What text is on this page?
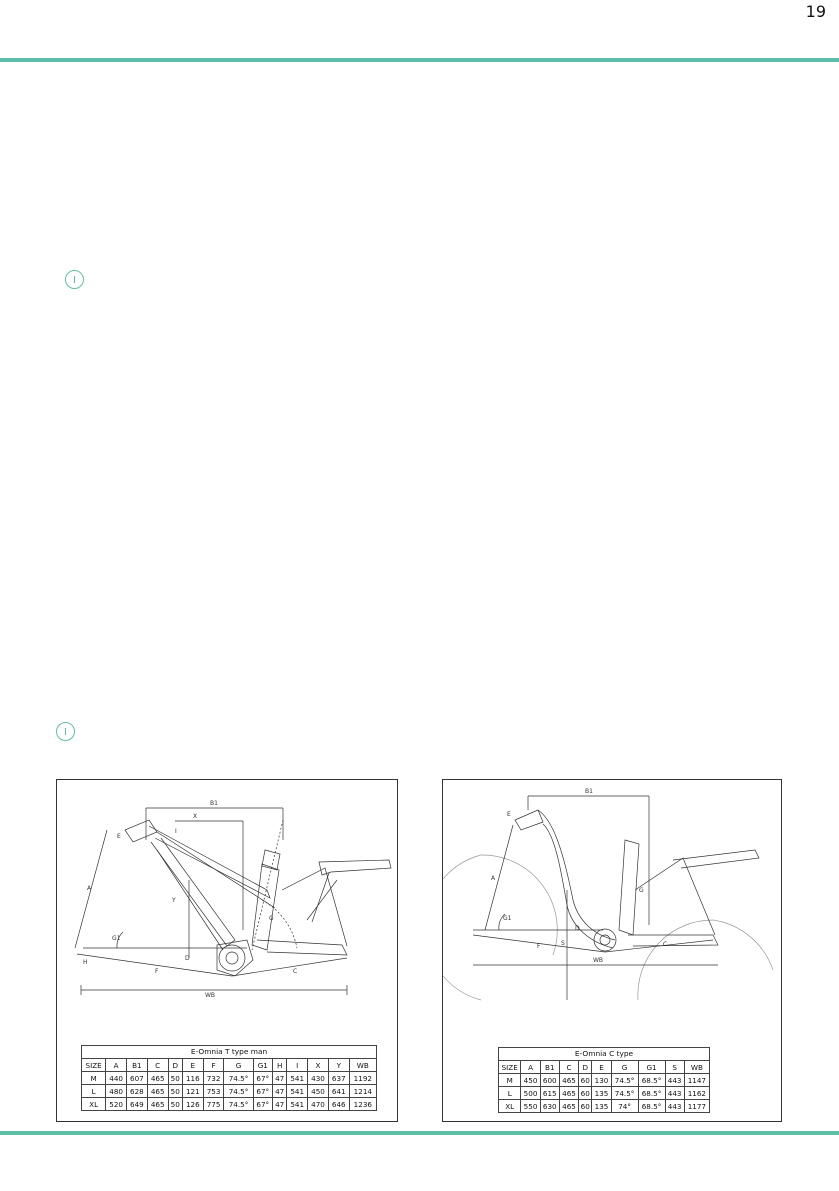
19
B1
X
E
I
Y
A
G1
D
H
G
F	C
WB
E-Omnia T type man
SIZE	A	B1	C	D	E	F	G	G1	H	I	X	Y	WB
M	440	607	465	50	116	732	74.5°	67°	47	541	430	637	1192
L	480	628	465	50	121	753	74.5°	67°	47	541	450	641	1214
XL	520	649	465	50	126	775	74.5°	67°	47	541	470	646	1236
B1
E
A
G1
D
S
G
F	C
WB
E-Omnia C type
SIZE	A	B1	C	D	E	G	G1	S	WB
M	450	600	465	60	130	74.5°	68.5°	443	1147
L	500	615	465	60	135	74.5°	68.5°	443	1162
XL	550	630	465	60	135	74°	68.5°	443	1177
